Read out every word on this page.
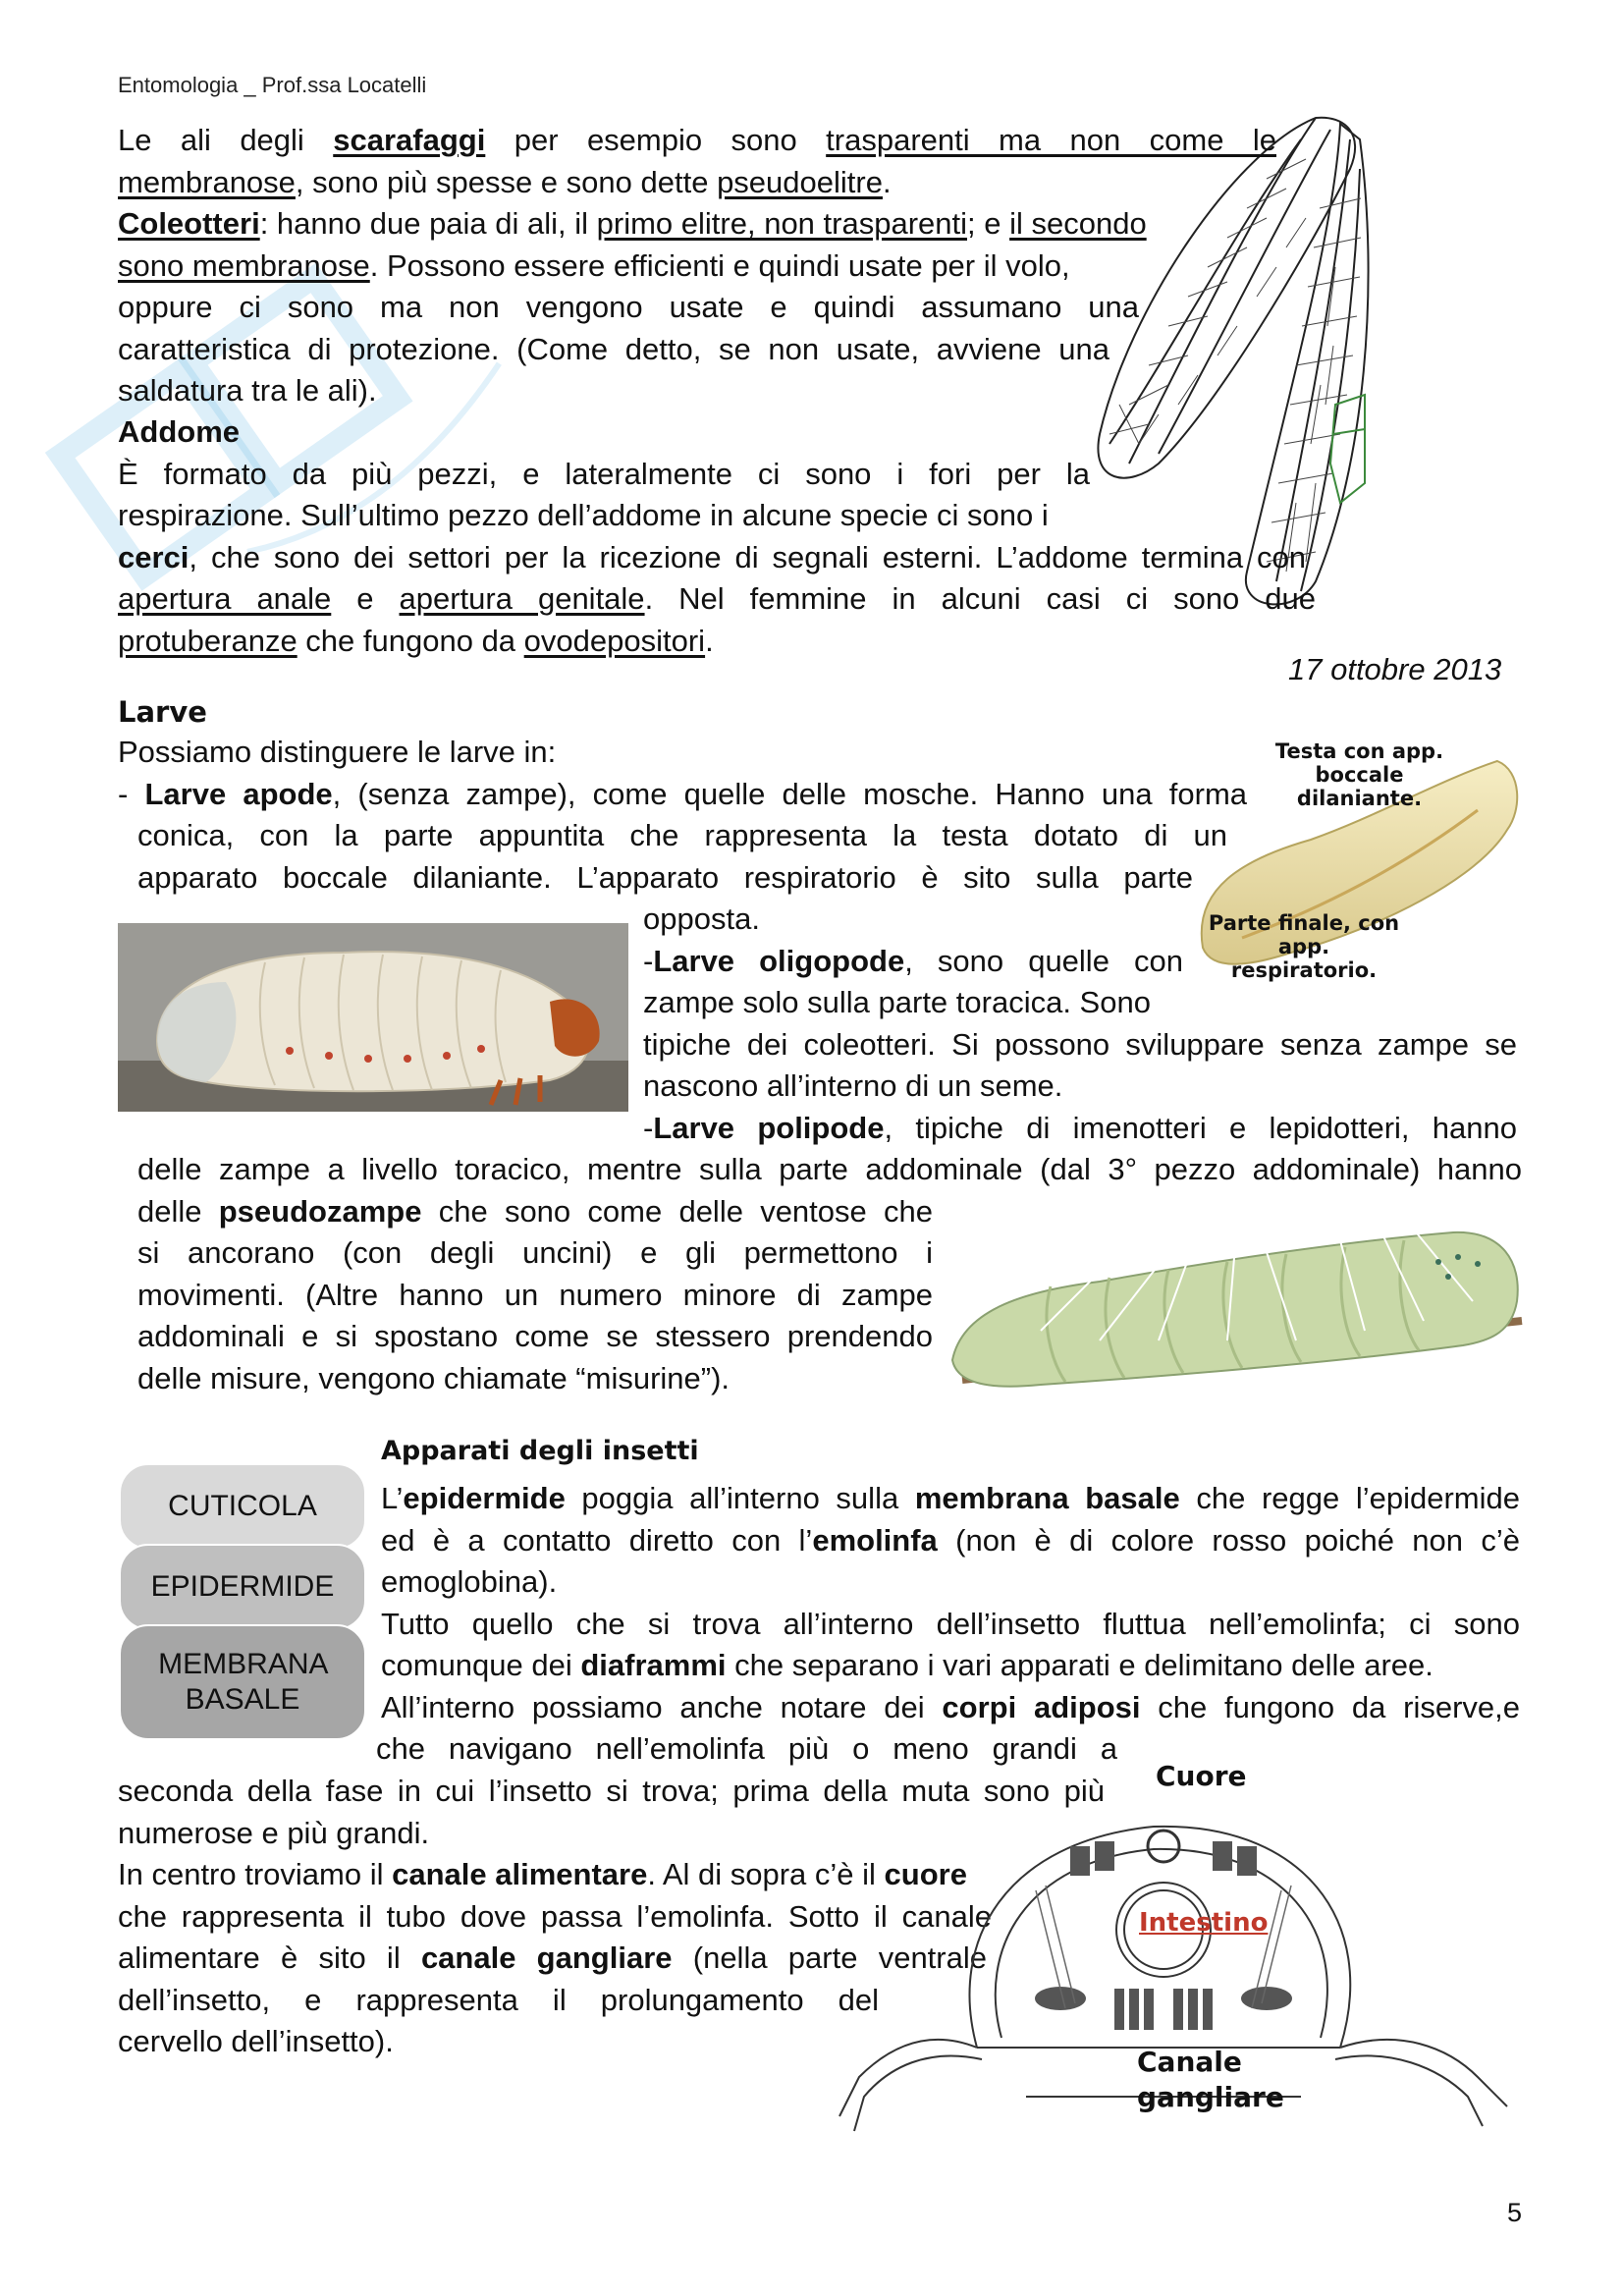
Entomologia _ Prof.ssa Locatelli
Le ali degli scarafaggi per esempio sono trasparenti ma non come le
membranose, sono più spesse e sono dette pseudoelitre.
Coleotteri: hanno due paia di ali, il primo elitre, non trasparenti; e il secondo
sono membranose. Possono essere efficienti e quindi usate per il volo,
oppure ci sono ma non vengono usate e quindi assumano una
caratteristica di protezione. (Come detto, se non usate, avviene una
saldatura tra le ali).
Addome
È formato da più pezzi, e lateralmente ci sono i fori per la
respirazione. Sull’ultimo pezzo dell’addome in alcune specie ci sono i
cerci, che sono dei settori per la ricezione di segnali esterni. L’addome termina con
apertura anale e apertura genitale. Nel femmine in alcuni casi ci sono due
protuberanze che fungono da ovodepositori.
17 ottobre 2013
Larve
Testa con app. boccale dilaniante.
Parte finale, con app. respiratorio.
Possiamo distinguere le larve in:
- Larve apode, (senza zampe), come quelle delle mosche. Hanno una forma
conica, con la parte appuntita che rappresenta la testa dotato di un
apparato boccale dilaniante. L’apparato respiratorio è sito sulla parte
opposta.
-Larve oligopode, sono quelle con
zampe solo sulla parte toracica. Sono
tipiche dei coleotteri. Si possono sviluppare senza zampe se
nascono all’interno di un seme.
-Larve polipode, tipiche di imenotteri e lepidotteri, hanno
delle zampe a livello toracico, mentre sulla parte addominale (dal 3° pezzo addominale) hanno
delle pseudozampe che sono come delle ventose che
si ancorano (con degli uncini) e gli permettono i
movimenti. (Altre hanno un numero minore di zampe
addominali e si spostano come se stessero prendendo
delle misure, vengono chiamate “misurine”).
CUTICOLA
EPIDERMIDE
MEMBRANA BASALE
Apparati degli insetti
L’epidermide poggia all’interno sulla membrana basale che regge l’epidermide
ed è a contatto diretto con l’emolinfa (non è di colore rosso poiché non c’è
emoglobina).
Tutto quello che si trova all’interno dell’insetto fluttua nell’emolinfa; ci sono
comunque dei diaframmi che separano i vari apparati e delimitano delle aree.
All’interno possiamo anche notare dei corpi adiposi che fungono da riserve,e
che navigano nell’emolinfa più o meno grandi a
seconda della fase in cui l’insetto si trova; prima della muta sono più
numerose e più grandi.
In centro troviamo il canale alimentare. Al di sopra c’è il cuore
che rappresenta il tubo dove passa l’emolinfa. Sotto il canale
alimentare è sito il canale gangliare (nella parte ventrale
dell’insetto, e rappresenta il prolungamento del
cervello dell’insetto).
Cuore
Intestino
Canale
gangliare
5
